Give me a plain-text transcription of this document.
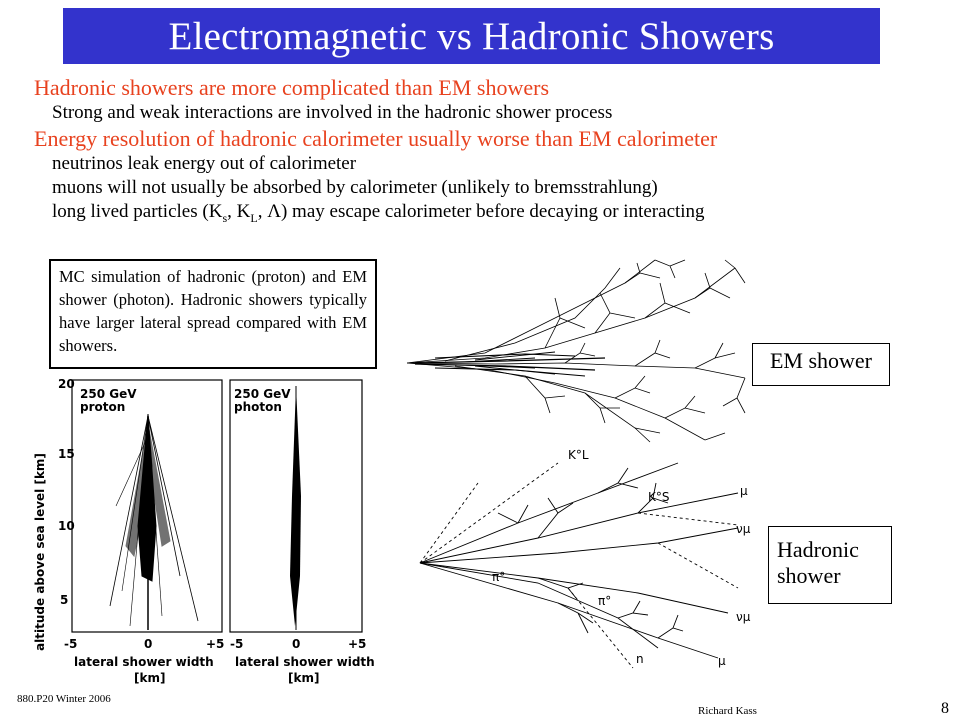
Electromagnetic vs Hadronic Showers

Hadronic showers are more complicated than EM showers

Strong and weak interactions are involved in the hadronic shower process

Energy resolution of hadronic calorimeter usually worse than EM calorimeter

neutrinos leak energy out of calorimeter

muons will not usually be absorbed by calorimeter (unlikely to bremsstrahlung)

long lived particles ($K_s$, $K_L$, Λ) may escape calorimeter before decaying or interacting

altitude above sea level [km]
20
15
10
5
250 GeV
proton
250 GeV
photon
-5	0	+5 -5	0	+5
lateral shower width
[km]
lateral shower width
[km]
K°L
K°S	μ
νμ
π°
π°
νμ
n	μ
MC simulation of hadronic (proton) and EM shower (photon). Hadronic showers typically have larger lateral spread compared with EM showers.
EM shower
Hadronic shower
880.P20 Winter 2006
Richard Kass	8
